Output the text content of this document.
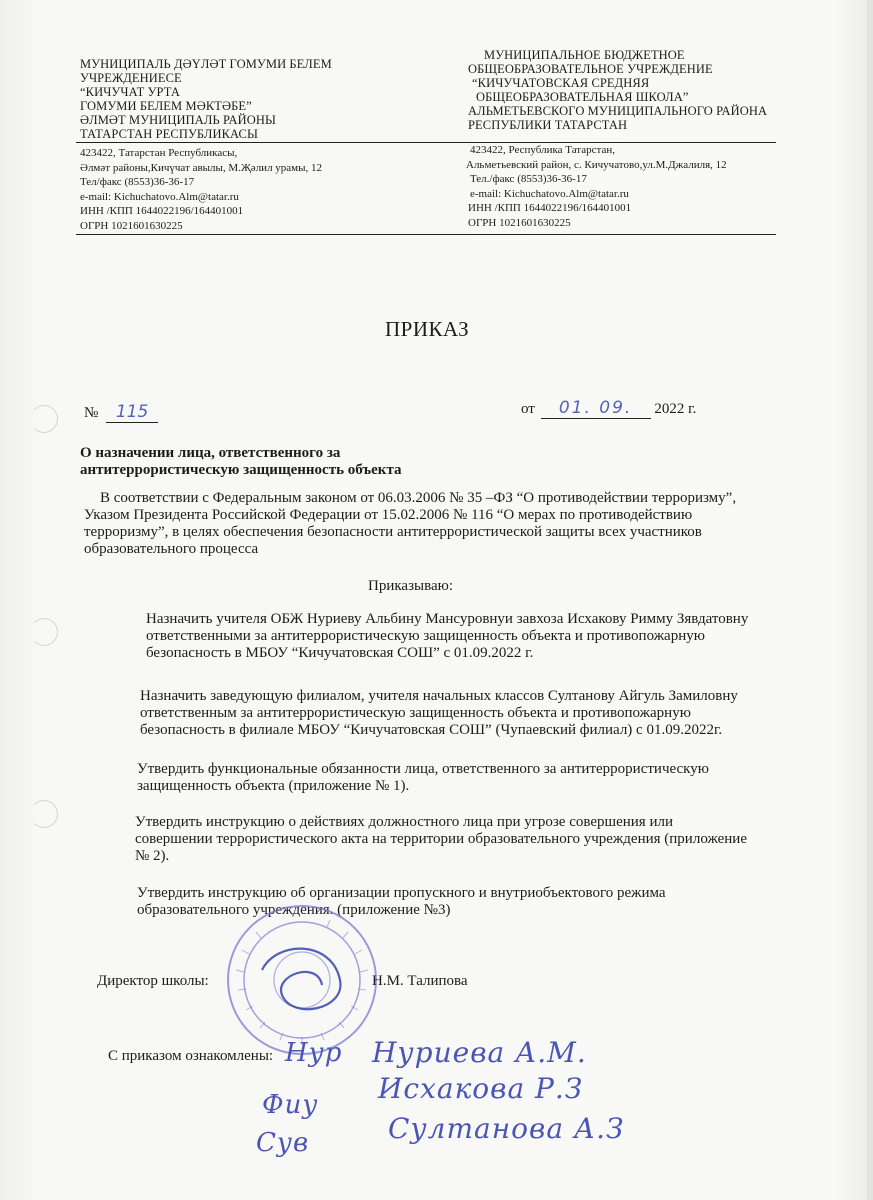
МУНИЦИПАЛЬ ДӘҮЛӘТ ГОМУМИ БЕЛЕМ
УЧРЕЖДЕНИЕСЕ
“КИЧУЧАТ УРТА
ГОМУМИ БЕЛЕМ МӘКТӘБЕ”
ӘЛМӘТ МУНИЦИПАЛЬ РАЙОНЫ
ТАТАРСТАН РЕСПУБЛИКАСЫ
МУНИЦИПАЛЬНОЕ БЮДЖЕТНОЕ
ОБЩЕОБРАЗОВАТЕЛЬНОЕ УЧРЕЖДЕНИЕ
“КИЧУЧАТОВСКАЯ СРЕДНЯЯ
ОБЩЕОБРАЗОВАТЕЛЬНАЯ ШКОЛА”
АЛЬМЕТЬЕВСКОГО МУНИЦИПАЛЬНОГО РАЙОНА
РЕСПУБЛИКИ ТАТАРСТАН
423422, Татарстан Республикасы,
Әлмәт районы,Кичүчат авылы, М.Җәлил урамы, 12
Тел/факс (8553)36-36-17
e-mail: Kichuchatovo.Alm@tatar.ru
ИНН /КПП 1644022196/164401001
ОГРН 1021601630225
423422, Республика Татарстан,
Альметьевский район, с. Кичучатово,ул.М.Джалиля, 12
Тел./факс (8553)36-36-17
e-mail: Kichuchatovo.Alm@tatar.ru
ИНН /КПП 1644022196/164401001
ОГРН 1021601630225
ПРИКАЗ
№ 115	от 01. 09. 2022 г.
О назначении лица, ответственного за
антитеррористическую защищенность объекта
В соответствии с Федеральным законом от 06.03.2006 № 35 –ФЗ “О противодействии терроризму”,
Указом Президента Российской Федерации от 15.02.2006 № 116 “О мерах по противодействию
терроризму”, в целях обеспечения безопасности антитеррористической защиты всех участников
образовательного процесса
Приказываю:
Назначить учителя ОБЖ Нуриеву Альбину Мансуровнуи завхоза Исхакову Римму Зявдатовну
ответственными за антитеррористическую защищенность объекта и противопожарную
безопасность в МБОУ “Кичучатовская СОШ” с 01.09.2022 г.
Назначить заведующую филиалом, учителя начальных классов Султанову Айгуль Замиловну
ответственным за антитеррористическую защищенность объекта и противопожарную
безопасность в филиале МБОУ “Кичучатовская СОШ” (Чупаевский филиал) с 01.09.2022г.
Утвердить функциональные обязанности лица, ответственного за антитеррористическую
защищенность объекта (приложение № 1).
Утвердить инструкцию о действиях должностного лица при угрозе совершения или
совершении террористического акта на территории образовательного учреждения (приложение
№ 2).
Утвердить инструкцию об организации пропускного и внутриобъектового режима
образовательного учреждения. (приложение №3)
Директор школы:	Н.М. Талипова
С приказом ознакомлены: Нур Нуриева А.М.
Фиу Исхакова Р.З
Сув	Султанова А.З
